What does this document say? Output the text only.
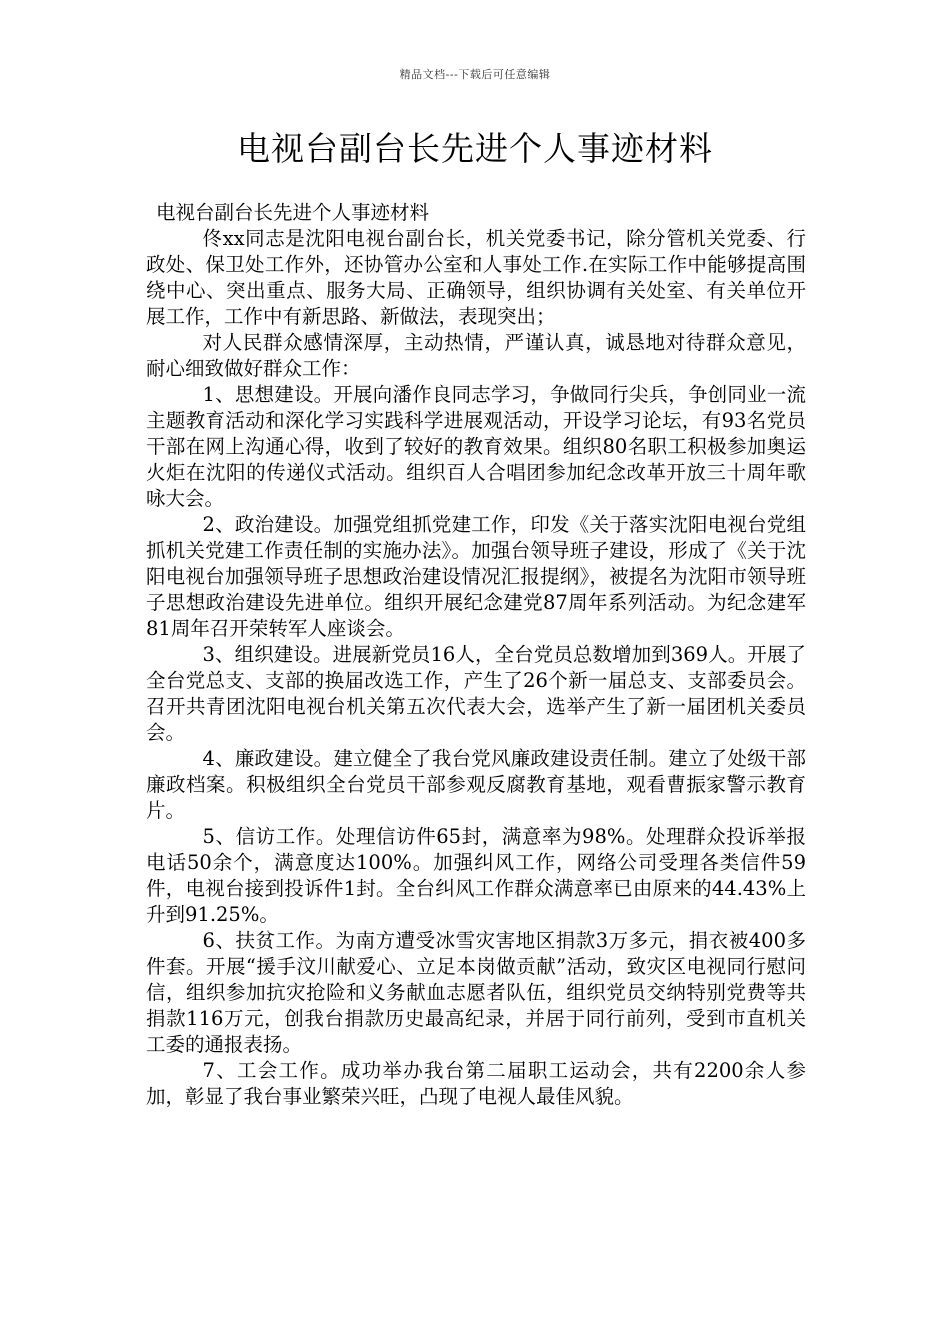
精品文档---下载后可任意编辑
电视台副台长先进个人事迹材料
电视台副台长先进个人事迹材料

佟xx同志是沈阳电视台副台长，机关党委书记，除分管机关党委、行政处、保卫处工作外，还协管办公室和人事处工作.在实际工作中能够提高围绕中心、突出重点、服务大局、正确领导，组织协调有关处室、有关单位开展工作，工作中有新思路、新做法，表现突出；

对人民群众感情深厚，主动热情，严谨认真，诚恳地对待群众意见，耐心细致做好群众工作：

1、思想建设。开展向潘作良同志学习，争做同行尖兵，争创同业一流主题教育活动和深化学习实践科学进展观活动，开设学习论坛，有93名党员干部在网上沟通心得，收到了较好的教育效果。组织80名职工积极参加奥运火炬在沈阳的传递仪式活动。组织百人合唱团参加纪念改革开放三十周年歌咏大会。

2、政治建设。加强党组抓党建工作，印发《关于落实沈阳电视台党组抓机关党建工作责任制的实施办法》。加强台领导班子建设，形成了《关于沈阳电视台加强领导班子思想政治建设情况汇报提纲》，被提名为沈阳市领导班子思想政治建设先进单位。组织开展纪念建党87周年系列活动。为纪念建军81周年召开荣转军人座谈会。

3、组织建设。进展新党员16人，全台党员总数增加到369人。开展了全台党总支、支部的换届改选工作，产生了26个新一届总支、支部委员会。召开共青团沈阳电视台机关第五次代表大会，选举产生了新一届团机关委员会。

4、廉政建设。建立健全了我台党风廉政建设责任制。建立了处级干部廉政档案。积极组织全台党员干部参观反腐教育基地，观看曹振家警示教育片。

5、信访工作。处理信访件65封，满意率为98%。处理群众投诉举报电话50余个，满意度达100%。加强纠风工作，网络公司受理各类信件59件，电视台接到投诉件1封。全台纠风工作群众满意率已由原来的44.43%上升到91.25%。

6、扶贫工作。为南方遭受冰雪灾害地区捐款3万多元，捐衣被400多件套。开展“援手汶川献爱心、立足本岗做贡献”活动，致灾区电视同行慰问信，组织参加抗灾抢险和义务献血志愿者队伍，组织党员交纳特别党费等共捐款116万元，创我台捐款历史最高纪录，并居于同行前列，受到市直机关工委的通报表扬。

7、工会工作。成功举办我台第二届职工运动会，共有2200余人参加，彰显了我台事业繁荣兴旺，凸现了电视人最佳风貌。
